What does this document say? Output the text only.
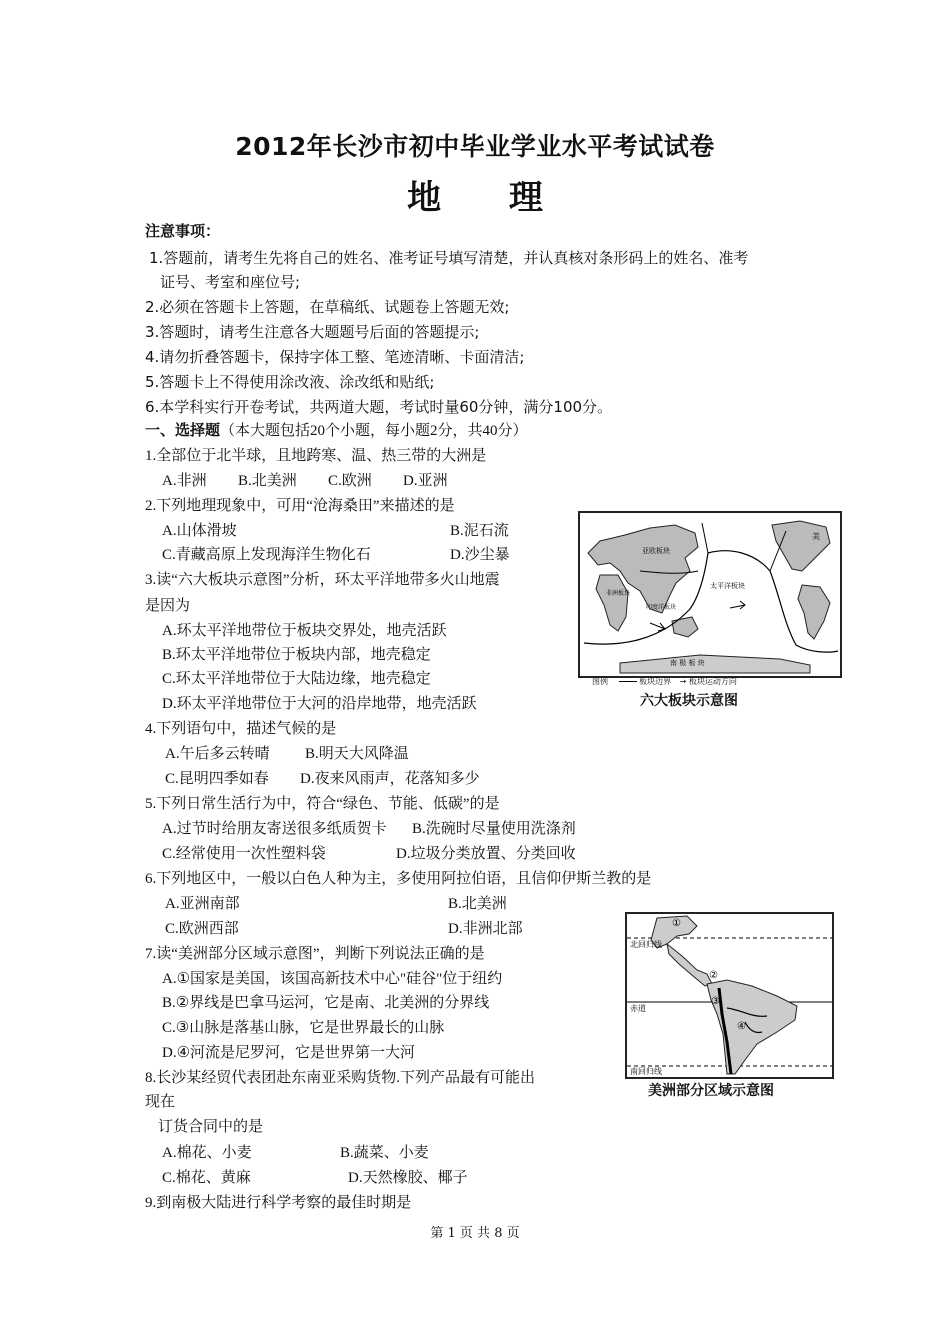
2012年长沙市初中毕业学业水平考试试卷
地 理
注意事项：
1.答题前，请考生先将自己的姓名、准考证号填写清楚，并认真核对条形码上的姓名、准考
证号、考室和座位号;
2.必须在答题卡上答题，在草稿纸、试题卷上答题无效;
3.答题时，请考生注意各大题题号后面的答题提示;
4.请勿折叠答题卡，保持字体工整、笔迹清晰、卡面清洁;
5.答题卡上不得使用涂改液、涂改纸和贴纸;
6.本学科实行开卷考试，共两道大题，考试时量60分钟，满分100分。
一、选择题（本大题包括20个小题，每小题2分，共40分）
1.全部位于北半球，且地跨寒、温、热三带的大洲是
A.非洲 B.北美洲 C.欧洲 D.亚洲
2.下列地理现象中，可用“沧海桑田”来描述的是
A.山体滑坡	B.泥石流
C.青藏高原上发现海洋生物化石	D.沙尘暴
3.读“六大板块示意图”分析，环太平洋地带多火山地震
是因为
A.环太平洋地带位于板块交界处，地壳活跃
B.环太平洋地带位于板块内部，地壳稳定
C.环太平洋地带位于大陆边缘，地壳稳定
D.环太平洋地带位于大河的沿岸地带，地壳活跃
4.下列语句中，描述气候的是
A.午后多云转晴 B.明天大风降温
C.昆明四季如春 D.夜来风雨声，花落知多少
5.下列日常生活行为中，符合“绿色、节能、低碳”的是
A.过节时给朋友寄送很多纸质贺卡 B.洗碗时尽量使用洗涤剂
C.经常使用一次性塑料袋	D.垃圾分类放置、分类回收
6.下列地区中，一般以白色人种为主，多使用阿拉伯语，且信仰伊斯兰教的是
A.亚洲南部	B.北美洲
C.欧洲西部	D.非洲北部
7.读“美洲部分区域示意图”，判断下列说法正确的是
A.①国家是美国，该国高新技术中心"硅谷"位于纽约
B.②界线是巴拿马运河，它是南、北美洲的分界线
C.③山脉是落基山脉，它是世界最长的山脉
D.④河流是尼罗河，它是世界第一大河
8.长沙某经贸代表团赴东南亚采购货物.下列产品最有可能出
现在
订货合同中的是
A.棉花、小麦	B.蔬菜、小麦
C.棉花、黄麻	D.天然橡胶、椰子
9.到南极大陆进行科学考察的最佳时期是
亚欧板块
太平洋板块
非洲板块
印度洋板块
南 极 板 块
美
图例	板块边界 → 板块运动方向
六大板块示意图
北回归线
赤道
南回归线
①
②
③
④
美洲部分区域示意图
第 1 页 共 8 页
